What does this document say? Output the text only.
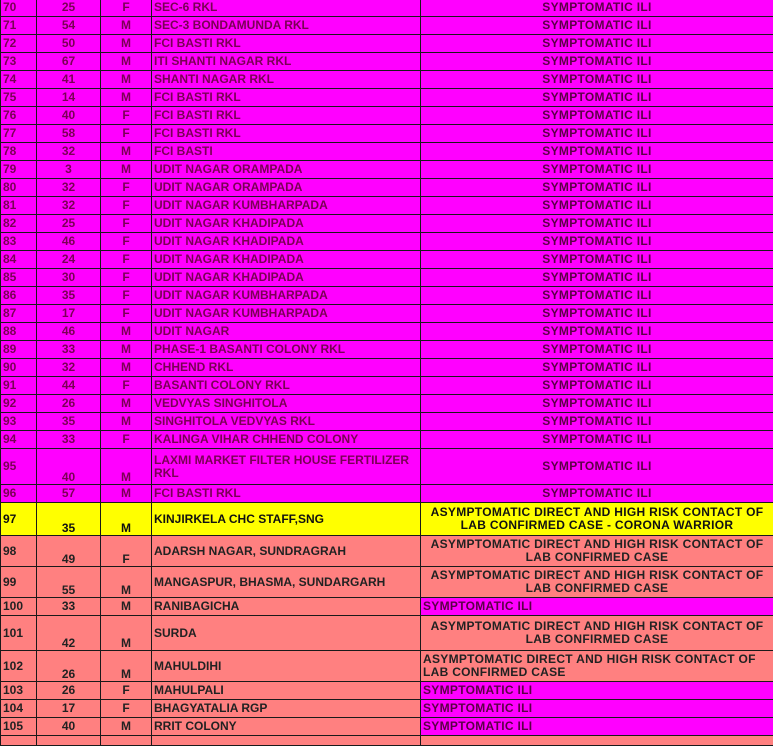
70	25	F	SEC-6 RKL	SYMPTOMATIC ILI
71	54	M	SEC-3 BONDAMUNDA RKL	SYMPTOMATIC ILI
72	50	M	FCI BASTI RKL	SYMPTOMATIC ILI
73	67	M	ITI SHANTI NAGAR RKL	SYMPTOMATIC ILI
74	41	M	SHANTI NAGAR RKL	SYMPTOMATIC ILI
75	14	M	FCI BASTI RKL	SYMPTOMATIC ILI
76	40	F	FCI BASTI RKL	SYMPTOMATIC ILI
77	58	F	FCI BASTI RKL	SYMPTOMATIC ILI
78	32	M	FCI BASTI	SYMPTOMATIC ILI
79	3	M	UDIT NAGAR ORAMPADA	SYMPTOMATIC ILI
80	32	F	UDIT NAGAR ORAMPADA	SYMPTOMATIC ILI
81	32	F	UDIT NAGAR KUMBHARPADA	SYMPTOMATIC ILI
82	25	F	UDIT NAGAR KHADIPADA	SYMPTOMATIC ILI
83	46	F	UDIT NAGAR KHADIPADA	SYMPTOMATIC ILI
84	24	F	UDIT NAGAR KHADIPADA	SYMPTOMATIC ILI
85	30	F	UDIT NAGAR KHADIPADA	SYMPTOMATIC ILI
86	35	F	UDIT NAGAR KUMBHARPADA	SYMPTOMATIC ILI
87	17	F	UDIT NAGAR KUMBHARPADA	SYMPTOMATIC ILI
88	46	M	UDIT NAGAR	SYMPTOMATIC ILI
89	33	M	PHASE-1 BASANTI COLONY RKL	SYMPTOMATIC ILI
90	32	M	CHHEND RKL	SYMPTOMATIC ILI
91	44	F	BASANTI COLONY RKL	SYMPTOMATIC ILI
92	26	M	VEDVYAS SINGHITOLA	SYMPTOMATIC ILI
93	35	M	SINGHITOLA VEDVYAS RKL	SYMPTOMATIC ILI
94	33	F	KALINGA VIHAR CHHEND COLONY	SYMPTOMATIC ILI
95	40	M	LAXMI MARKET FILTER HOUSE FERTILIZER RKL	SYMPTOMATIC ILI
96	57	M	FCI BASTI RKL	SYMPTOMATIC ILI
97	35	M	KINJIRKELA CHC STAFF,SNG	ASYMPTOMATIC DIRECT AND HIGH RISK CONTACT OF LAB CONFIRMED CASE - CORONA WARRIOR
98	49	F	ADARSH NAGAR, SUNDRAGRAH	ASYMPTOMATIC DIRECT AND HIGH RISK CONTACT OF LAB CONFIRMED CASE
99	55	M	MANGASPUR, BHASMA, SUNDARGARH	ASYMPTOMATIC DIRECT AND HIGH RISK CONTACT OF LAB CONFIRMED CASE
100	33	M	RANIBAGICHA	SYMPTOMATIC ILI
101	42	M	SURDA	ASYMPTOMATIC DIRECT AND HIGH RISK CONTACT OF LAB CONFIRMED CASE
102	26	M	MAHULDIHI	ASYMPTOMATIC DIRECT AND HIGH RISK CONTACT OF LAB CONFIRMED CASE
103	26	F	MAHULPALI	SYMPTOMATIC ILI
104	17	F	BHAGYATALIA RGP	SYMPTOMATIC ILI
105	40	M	RRIT COLONY	SYMPTOMATIC ILI
